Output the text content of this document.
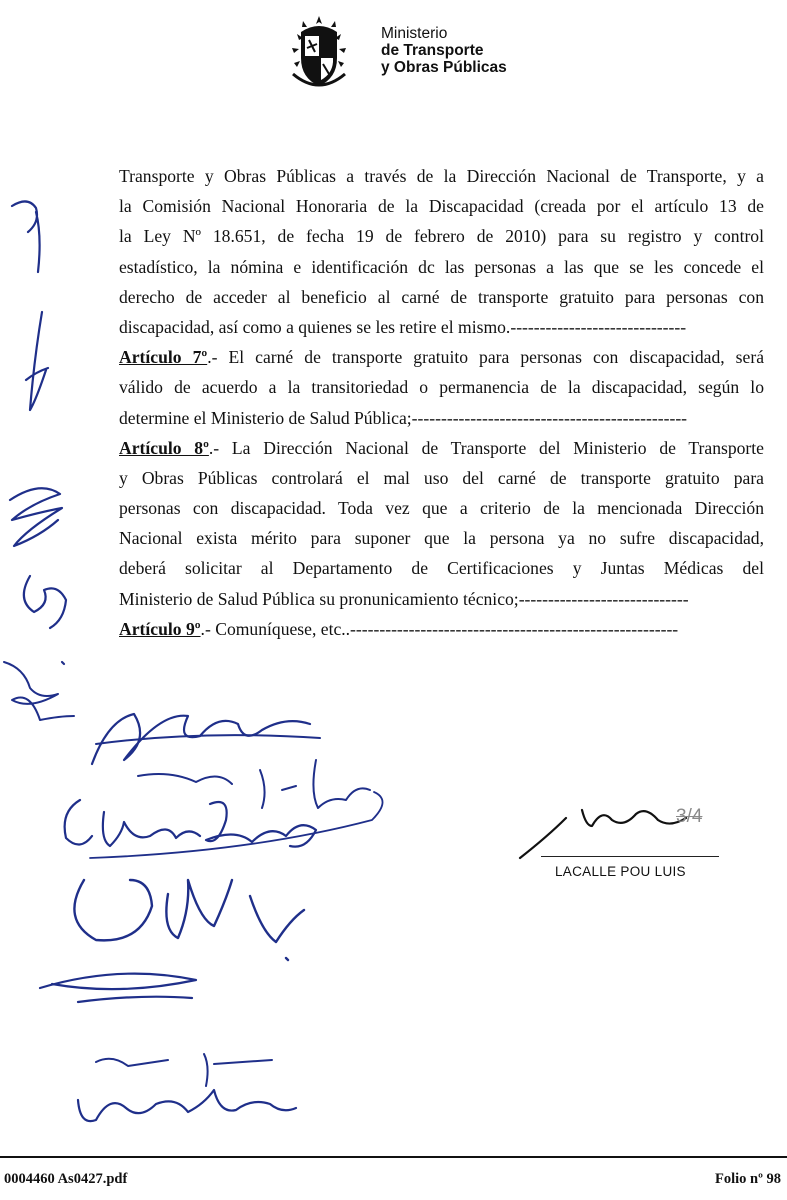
Ministerio
de Transporte
y Obras Públicas
Transporte y Obras Públicas a través de la Dirección Nacional de Transporte, y a
la Comisión Nacional Honoraria de la Discapacidad (creada por el artículo 13 de
la Ley Nº 18.651, de fecha 19 de febrero de 2010) para su registro y control
estadístico, la nómina e identificación dc las personas a las que se les concede el
derecho de acceder al beneficio al carné de transporte gratuito para personas con
discapacidad, así como a quienes se les retire el mismo.------------------------------
Artículo 7º.- El carné de transporte gratuito para personas con discapacidad, será
válido de acuerdo a la transitoriedad o permanencia de la discapacidad, según lo
determine el Ministerio de Salud Pública;-----------------------------------------------
Artículo 8º.- La Dirección Nacional de Transporte del Ministerio de Transporte
y Obras Públicas controlará el mal uso del carné de transporte gratuito para
personas con discapacidad. Toda vez que a criterio de la mencionada Dirección
Nacional exista mérito para suponer que la persona ya no sufre discapacidad,
deberá solicitar al Departamento de Certificaciones y Juntas Médicas del
Ministerio de Salud Pública su pronunicamiento técnico;-----------------------------
Artículo 9º.- Comuníquese, etc..--------------------------------------------------------
3/4
LACALLE POU LUIS
0004460 As0427.pdf	Folio nº 98
